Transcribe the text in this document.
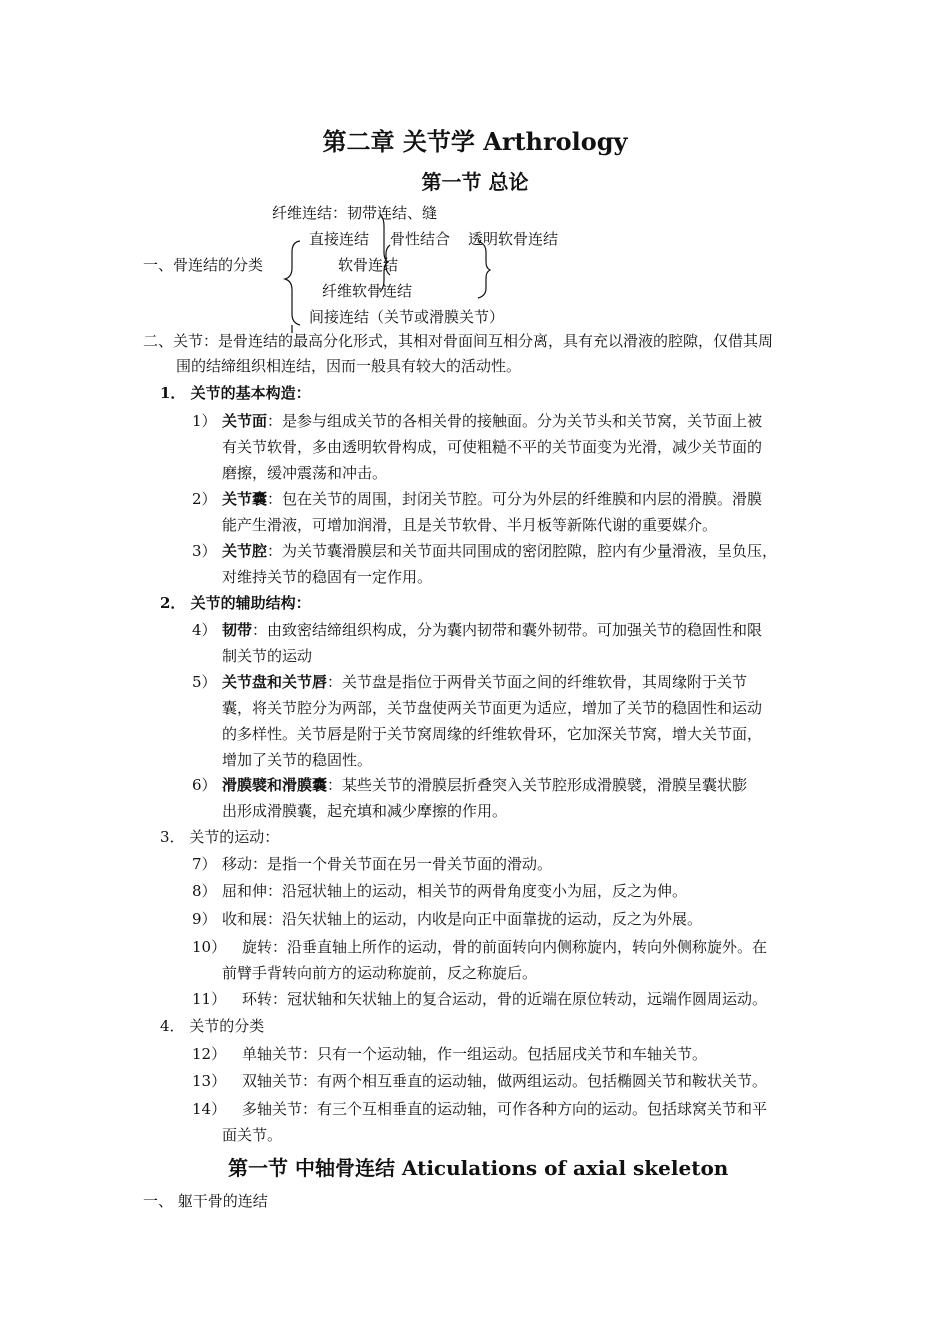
第二章 关节学 Arthrology
第一节 总论
纤维连结：韧带连结、缝
直接连结 骨性结合 透明软骨连结
一、骨连结的分类	软骨连结
纤维软骨连结
间接连结（关节或滑膜关节）
二、关节：是骨连结的最高分化形式，其相对骨面间互相分离，具有充以滑液的腔隙，仅借其周
围的结缔组织相连结，因而一般具有较大的活动性。
1． 关节的基本构造：
1） 关节面：是参与组成关节的各相关骨的接触面。分为关节头和关节窝，关节面上被
有关节软骨，多由透明软骨构成，可使粗糙不平的关节面变为光滑，减少关节面的
磨擦，缓冲震荡和冲击。
2） 关节囊：包在关节的周围，封闭关节腔。可分为外层的纤维膜和内层的滑膜。滑膜
能产生滑液，可增加润滑，且是关节软骨、半月板等新陈代谢的重要媒介。
3） 关节腔：为关节囊滑膜层和关节面共同围成的密闭腔隙，腔内有少量滑液，呈负压，
对维持关节的稳固有一定作用。
2． 关节的辅助结构：
4） 韧带：由致密结缔组织构成，分为囊内韧带和囊外韧带。可加强关节的稳固性和限
制关节的运动
5） 关节盘和关节唇：关节盘是指位于两骨关节面之间的纤维软骨，其周缘附于关节
囊，将关节腔分为两部，关节盘使两关节面更为适应，增加了关节的稳固性和运动
的多样性。关节唇是附于关节窝周缘的纤维软骨环，它加深关节窝，增大关节面，
增加了关节的稳固性。
6） 滑膜襞和滑膜囊：某些关节的滑膜层折叠突入关节腔形成滑膜襞，滑膜呈囊状膨
出形成滑膜囊，起充填和减少摩擦的作用。
3． 关节的运动：
7） 移动：是指一个骨关节面在另一骨关节面的滑动。
8） 屈和伸：沿冠状轴上的运动，相关节的两骨角度变小为屈，反之为伸。
9） 收和展：沿矢状轴上的运动，内收是向正中面靠拢的运动，反之为外展。
10） 旋转：沿垂直轴上所作的运动，骨的前面转向内侧称旋内，转向外侧称旋外。在
前臂手背转向前方的运动称旋前，反之称旋后。
11） 环转：冠状轴和矢状轴上的复合运动，骨的近端在原位转动，远端作圆周运动。
4． 关节的分类
12） 单轴关节：只有一个运动轴，作一组运动。包括屈戌关节和车轴关节。
13） 双轴关节：有两个相互垂直的运动轴，做两组运动。包括椭圆关节和鞍状关节。
14） 多轴关节：有三个互相垂直的运动轴，可作各种方向的运动。包括球窝关节和平
面关节。
第一节 中轴骨连结 Aticulations of axial skeleton
一、 躯干骨的连结
